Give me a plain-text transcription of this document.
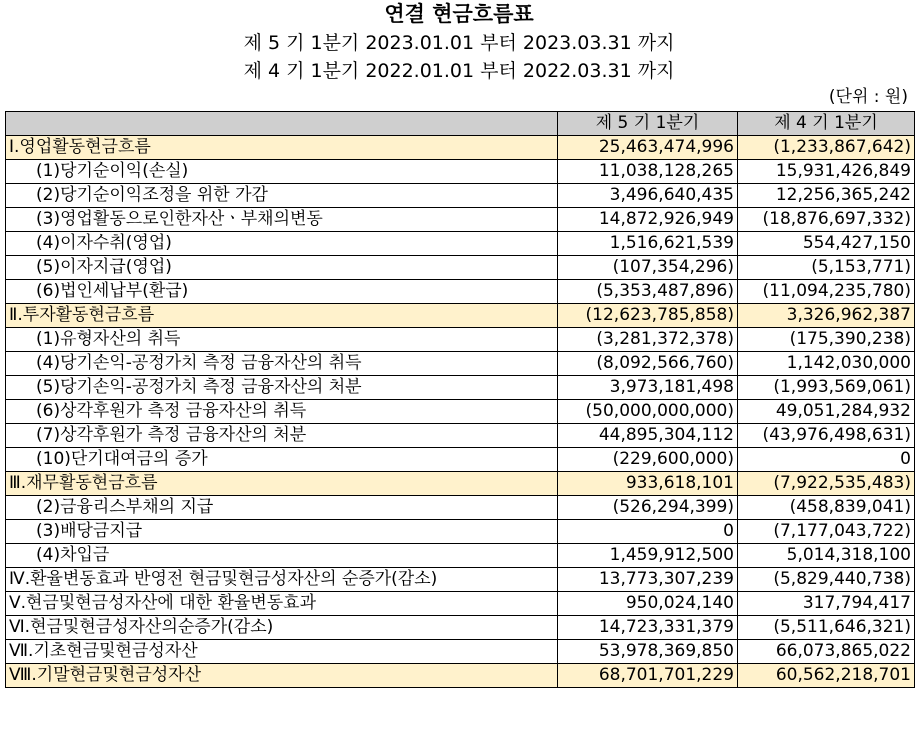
연결 현금흐름표
제 5 기 1분기 2023.01.01 부터 2023.03.31 까지
제 4 기 1분기 2022.01.01 부터 2022.03.31 까지
(단위 : 원)
	제 5 기 1분기	제 4 기 1분기
Ⅰ.영업활동현금흐름	25,463,474,996	(1,233,867,642)
(1)당기순이익(손실)	11,038,128,265	15,931,426,849
(2)당기순이익조정을 위한 가감	3,496,640,435	12,256,365,242
(3)영업활동으로인한자산ㆍ부채의변동	14,872,926,949	(18,876,697,332)
(4)이자수취(영업)	1,516,621,539	554,427,150
(5)이자지급(영업)	(107,354,296)	(5,153,771)
(6)법인세납부(환급)	(5,353,487,896)	(11,094,235,780)
Ⅱ.투자활동현금흐름	(12,623,785,858)	3,326,962,387
(1)유형자산의 취득	(3,281,372,378)	(175,390,238)
(4)당기손익-공정가치 측정 금융자산의 취득	(8,092,566,760)	1,142,030,000
(5)당기손익-공정가치 측정 금융자산의 처분	3,973,181,498	(1,993,569,061)
(6)상각후원가 측정 금융자산의 취득	(50,000,000,000)	49,051,284,932
(7)상각후원가 측정 금융자산의 처분	44,895,304,112	(43,976,498,631)
(10)단기대여금의 증가	(229,600,000)	0
Ⅲ.재무활동현금흐름	933,618,101	(7,922,535,483)
(2)금융리스부채의 지급	(526,294,399)	(458,839,041)
(3)배당금지급	0	(7,177,043,722)
(4)차입금	1,459,912,500	5,014,318,100
Ⅳ.환율변동효과 반영전 현금및현금성자산의 순증가(감소)	13,773,307,239	(5,829,440,738)
Ⅴ.현금및현금성자산에 대한 환율변동효과	950,024,140	317,794,417
Ⅵ.현금및현금성자산의순증가(감소)	14,723,331,379	(5,511,646,321)
Ⅶ.기초현금및현금성자산	53,978,369,850	66,073,865,022
Ⅷ.기말현금및현금성자산	68,701,701,229	60,562,218,701
